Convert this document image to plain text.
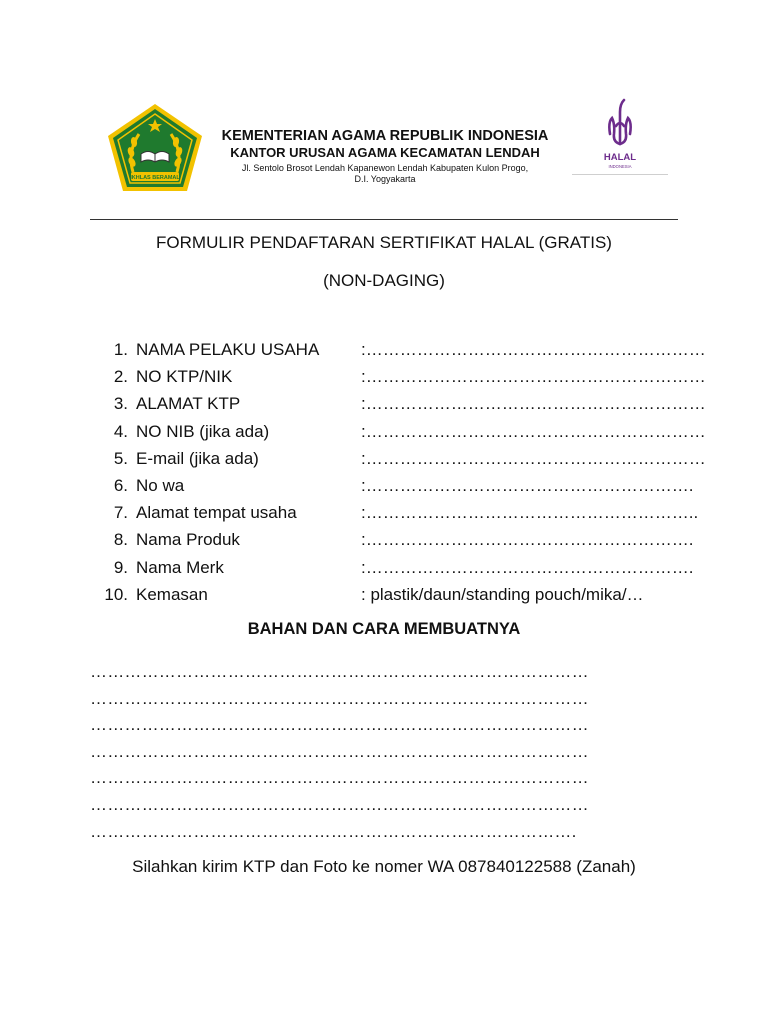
IKHLAS BERAMAL
KEMENTERIAN AGAMA REPUBLIK INDONESIA
KANTOR URUSAN AGAMA KECAMATAN LENDAH
Jl. Sentolo Brosot Lendah Kapanewon Lendah Kabupaten Kulon Progo,
D.I. Yogyakarta
HALAL
INDONESIA
FORMULIR PENDAFTARAN SERTIFIKAT HALAL (GRATIS)
(NON-DAGING)
1. NAMA PELAKU USAHA :……………………………………………………
2. NO KTP/NIK	:……………………………………………………
3. ALAMAT KTP	:……………………………………………………
4. NO NIB (jika ada)	:……………………………………………………
5. E-mail (jika ada)	:……………………………………………………
6. No wa	:………………………………………………….
7. Alamat tempat usaha	:…………………………………………………..
8. Nama Produk	:………………………………………………….
9. Nama Merk	:………………………………………………….
10. Kemasan	: plastik/daun/standing pouch/mika/…
BAHAN DAN CARA MEMBUATNYA
……………………………………………………………………………
……………………………………………………………………………
……………………………………………………………………………
……………………………………………………………………………
……………………………………………………………………………
……………………………………………………………………………
………………………………………………………………………….
Silahkan kirim KTP dan Foto ke nomer WA 087840122588 (Zanah)
